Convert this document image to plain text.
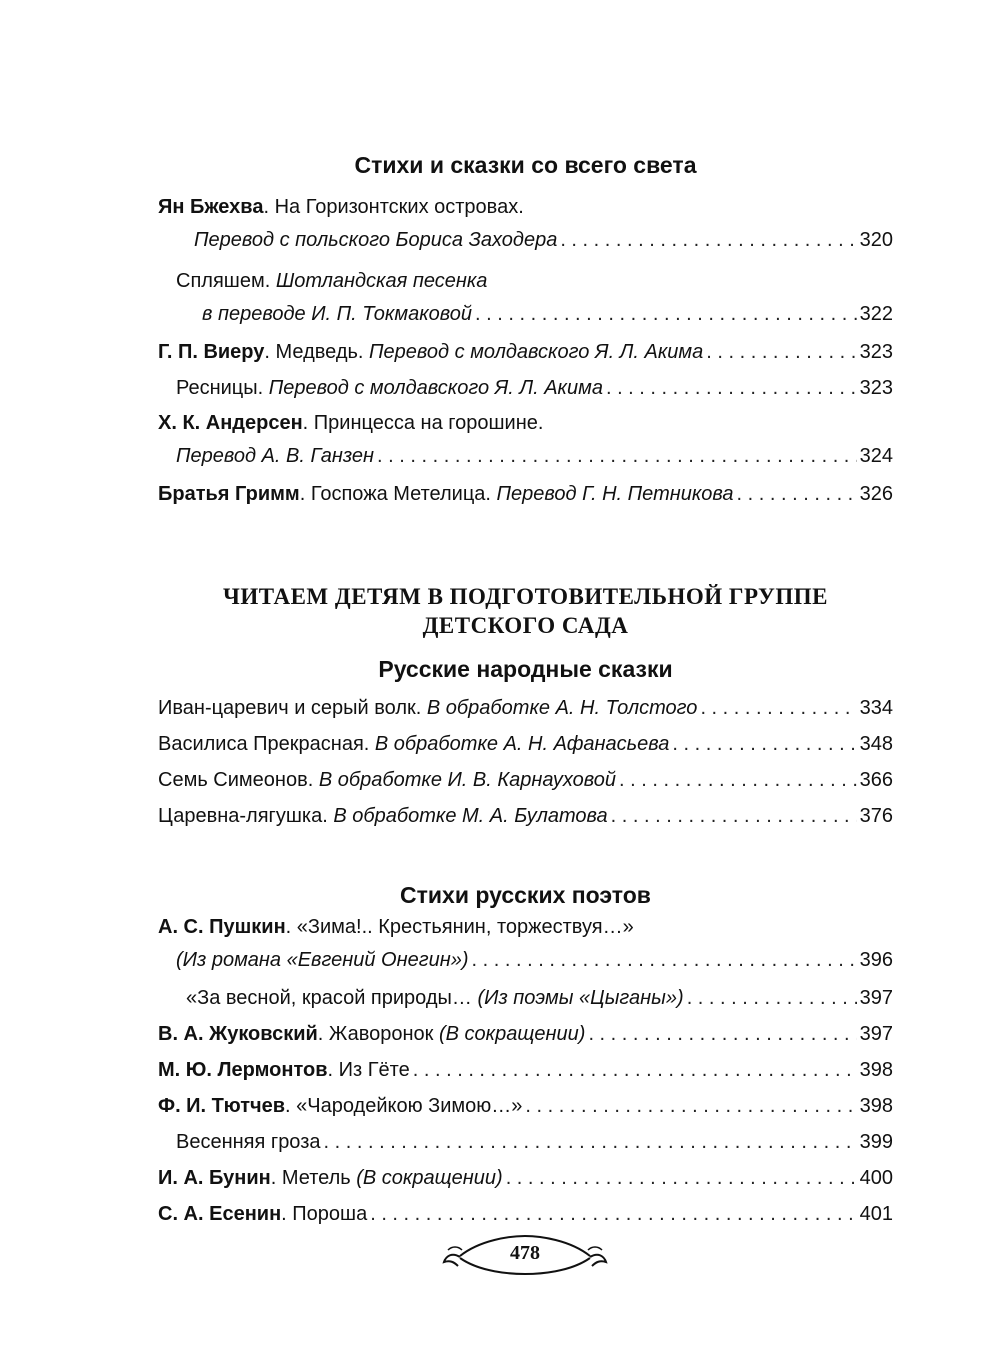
Стихи и сказки со всего света
Ян Бжехва . На Горизонтских островах.
Перевод с польского Бориса Заходера . . .	320
Спляшем.
Шотландская песенка
в переводе И. П. Токмаковой . . .	322
Г. П. Виеру . Медведь.
Перевод с молдавского Я. Л. Акима . . .	323
Ресницы.
Перевод с молдавского Я. Л. Акима . . .	323
Х. К. Андерсен . Принцесса на горошине.
Перевод А. В. Ганзен . . .	324
Братья Гримм . Госпожа Метелица.
Перевод Г. Н. Петникова . . .	326
ЧИТАЕМ ДЕТЯМ В ПОДГОТОВИТЕЛЬНОЙ ГРУППЕ
ДЕТСКОГО САДА
Русские народные сказки
Иван-царевич и серый волк.
В обработке А. Н. Толстого . . .	334
Василиса Прекрасная.
В обработке А. Н. Афанасьева . . .	348
Семь Симеонов.
В обработке И. В. Карнауховой . . .	366
Царевна-лягушка.
В обработке М. А. Булатова . . .	376
Стихи русских поэтов
А. С. Пушкин . «Зима!.. Крестьянин, торжествуя…»
(Из романа «Евгений Онегин») . . .	396
«За весной, красой природы…
(Из поэмы «Цыганы») . . .	397
В. А. Жуковский . Жаворонок
(В сокращении) . . .	397
М. Ю. Лермонтов . Из Гёте . . .	398
Ф. И. Тютчев . «Чародейкою Зимою…» . . .	398
Весенняя гроза . . .	399
И. А. Бунин . Метель
(В сокращении) . . .	400
С. А. Есенин . Пороша . . .	401
478
